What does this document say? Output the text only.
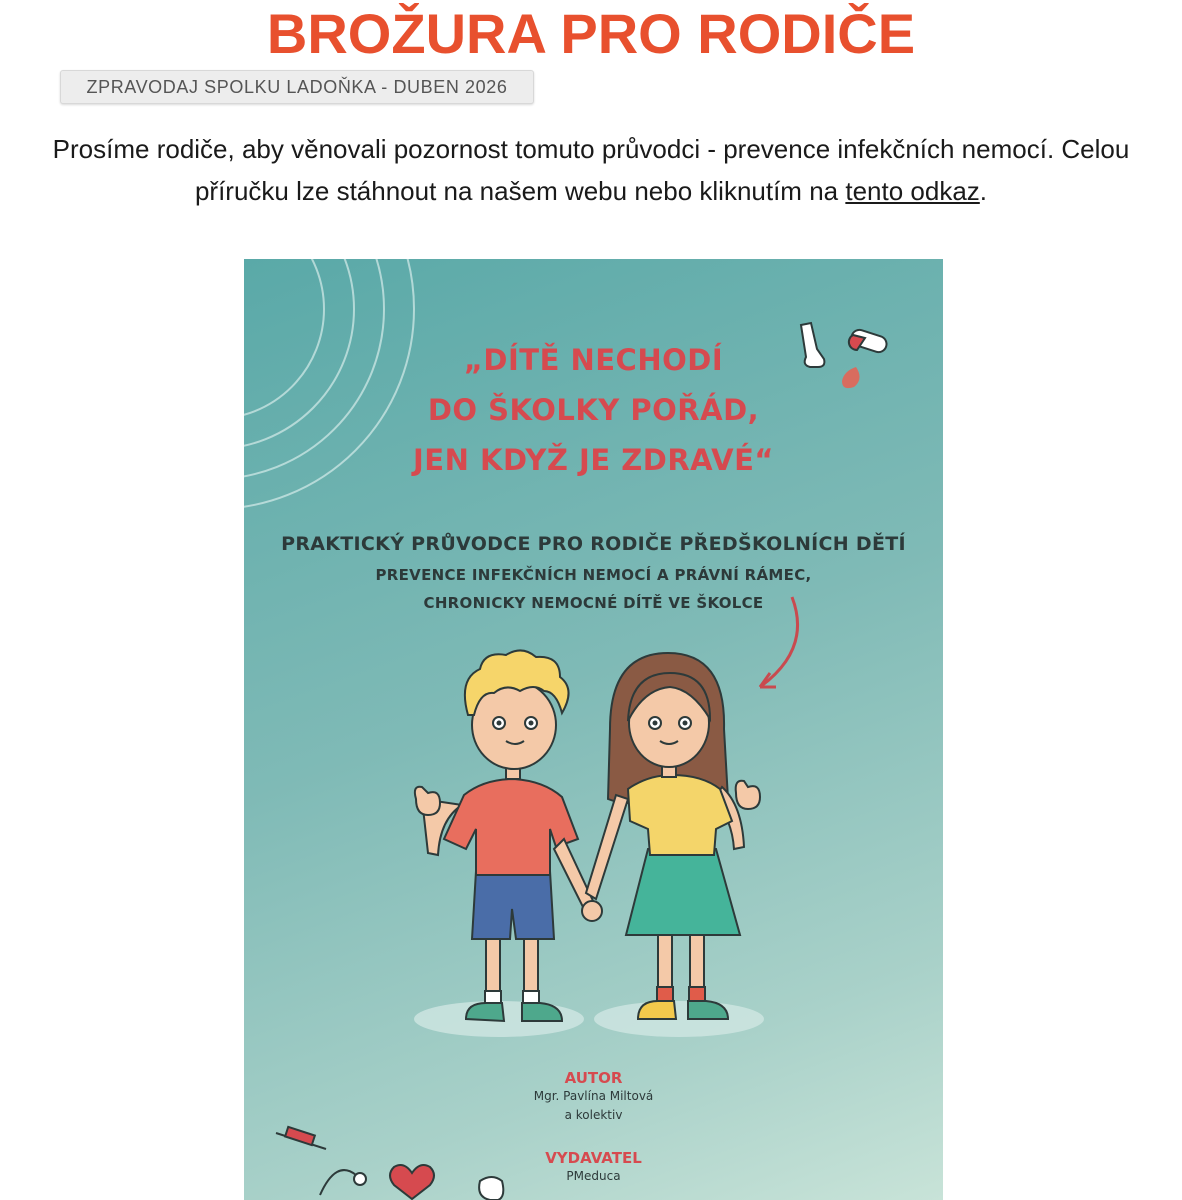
BROŽURA PRO RODIČE
ZPRAVODAJ SPOLKU LADOŇKA - DUBEN 2026

Prosíme rodiče, aby věnovali pozornost tomuto průvodci - prevence infekčních nemocí. Celou příručku lze stáhnout na našem webu nebo kliknutím na tento odkaz.

„DÍTĚ NECHODÍ
DO ŠKOLKY POŘÁD,
JEN KDYŽ JE ZDRAVÉ“
PRAKTICKÝ PRŮVODCE PRO RODIČE PŘEDŠKOLNÍCH DĚTÍ
PREVENCE INFEKČNÍCH NEMOCÍ A PRÁVNÍ RÁMEC,
CHRONICKY NEMOCNÉ DÍTĚ VE ŠKOLCE
AUTOR
Mgr. Pavlína Miltová
a kolektiv
VYDAVATEL
PMeduca
